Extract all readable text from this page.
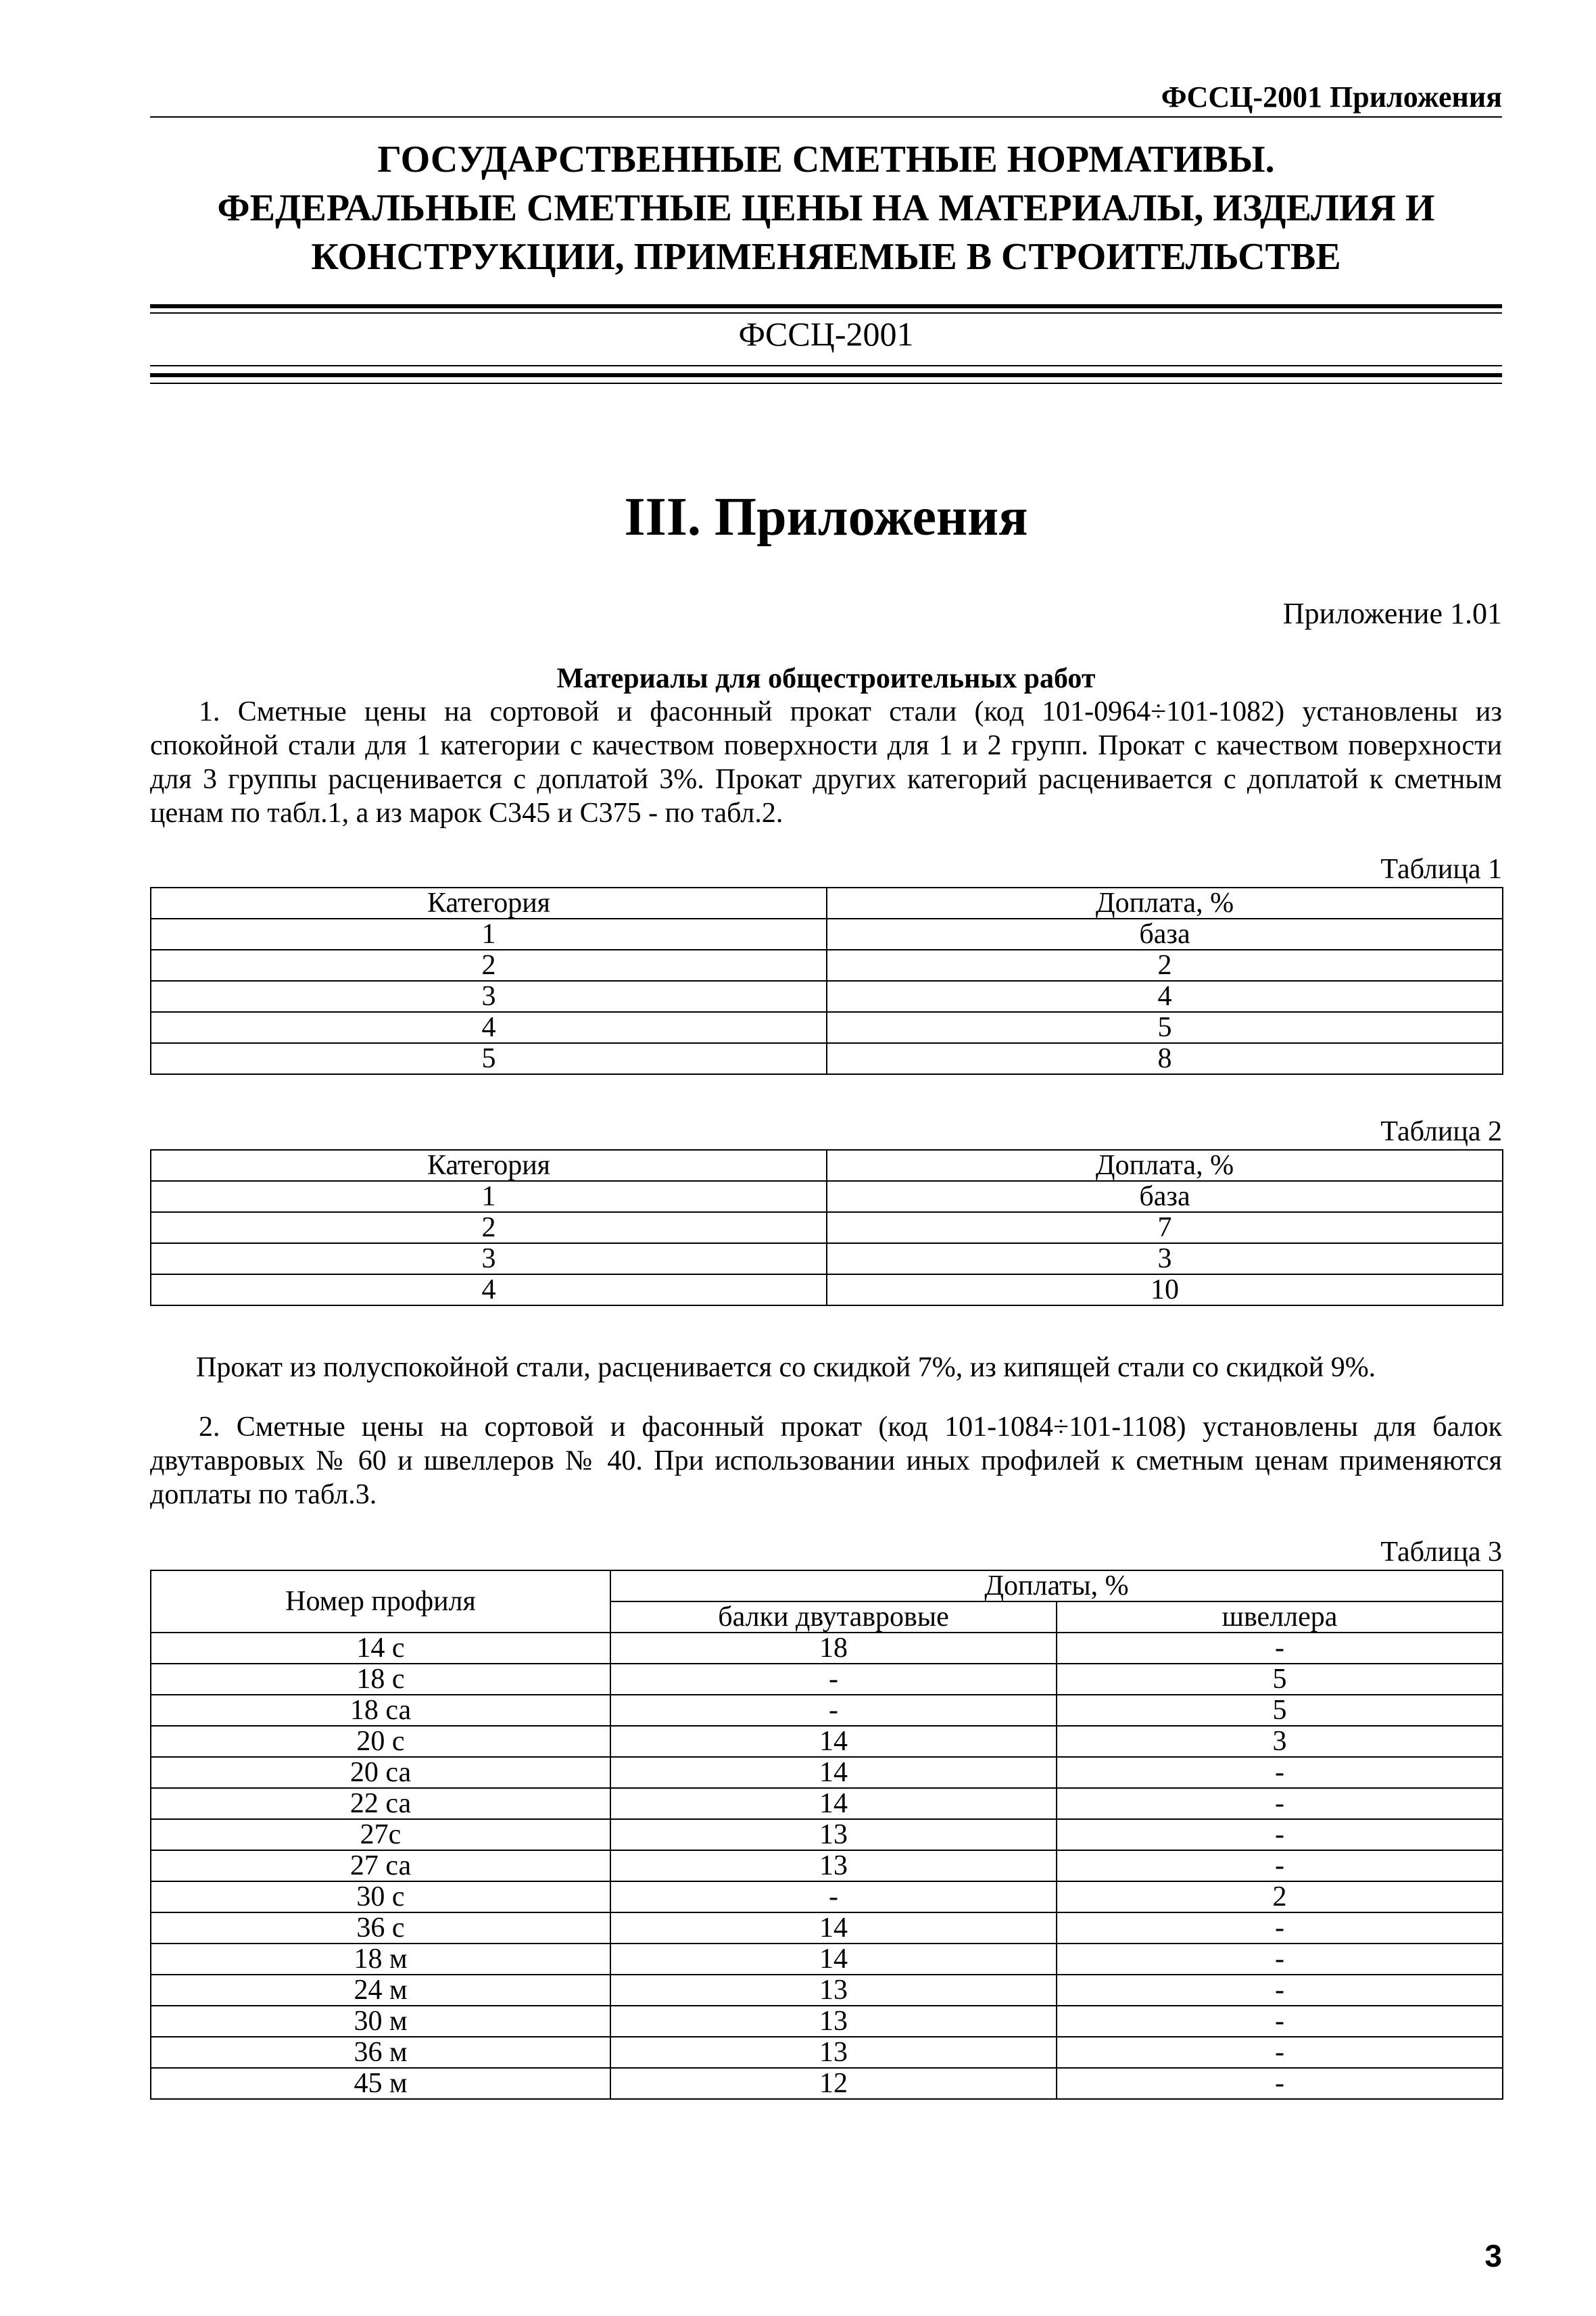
ФССЦ-2001 Приложения
ГОСУДАРСТВЕННЫЕ СМЕТНЫЕ НОРМАТИВЫ.
ФЕДЕРАЛЬНЫЕ СМЕТНЫЕ ЦЕНЫ НА МАТЕРИАЛЫ, ИЗДЕЛИЯ И
КОНСТРУКЦИИ, ПРИМЕНЯЕМЫЕ В СТРОИТЕЛЬСТВЕ
ФССЦ-2001
III. Приложения
Приложение 1.01
Материалы для общестроительных работ
1. Сметные цены на сортовой и фасонный прокат стали (код 101-0964÷101-1082) установлены из спокойной стали для 1 категории с качеством поверхности для 1 и 2 групп. Прокат с качеством поверхности для 3 группы расценивается с доплатой 3%. Прокат других категорий расценивается с доплатой к сметным ценам по табл.1, а из марок С345 и С375 - по табл.2.
Таблица 1
Категория	Доплата, %
1	база
2	2
3	4
4	5
5	8
Таблица 2
Категория	Доплата, %
1	база
2	7
3	3
4	10
Прокат из полуспокойной стали, расценивается со скидкой 7%, из кипящей стали со скидкой 9%.
2. Сметные цены на сортовой и фасонный прокат (код 101-1084÷101-1108) установлены для балок двутавровых № 60 и швеллеров № 40. При использовании иных профилей к сметным ценам применяются доплаты по табл.3.
Таблица 3
Номер профиля	Доплаты, %	
	балки двутавровые	швеллера
14 с	18	-
18 с	-	5
18 са	-	5
20 с	14	3
20 са	14	-
22 са	14	-
27с	13	-
27 са	13	-
30 с	-	2
36 с	14	-
18 м	14	-
24 м	13	-
30 м	13	-
36 м	13	-
45 м	12	-
3
